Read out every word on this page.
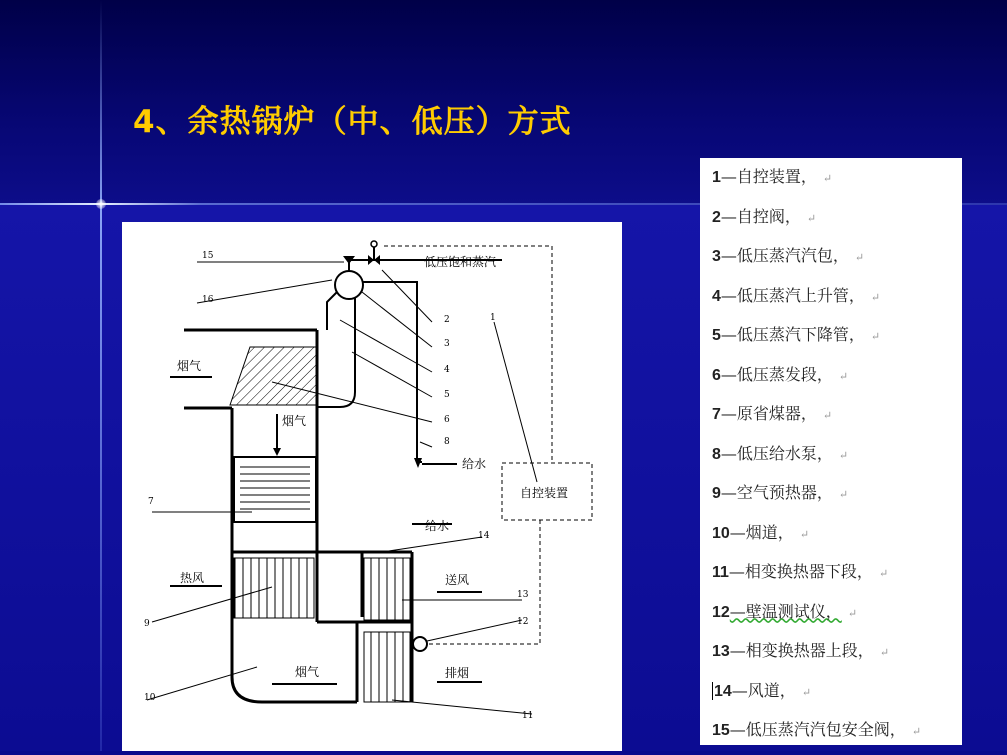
4、余热锅炉（中、低压）方式
15
16
2
3
4
5
6
8
1
7
9
10
11
12
13
14
低压饱和蒸汽
自控装置
给水
给水
烟气
烟气
烟气
热风	送风
排烟
1—自控装置， ↵
2—自控阀， ↵
3—低压蒸汽汽包， ↵
4—低压蒸汽上升管， ↵
5—低压蒸汽下降管， ↵
6—低压蒸发段， ↵
7—原省煤器， ↵
8—低压给水泵， ↵
9—空气预热器， ↵
10—烟道， ↵
11—相变换热器下段， ↵
12—壁温测试仪， ↵
13—相变换热器上段， ↵
14—风道， ↵
15—低压蒸汽汽包安全阀， ↵
